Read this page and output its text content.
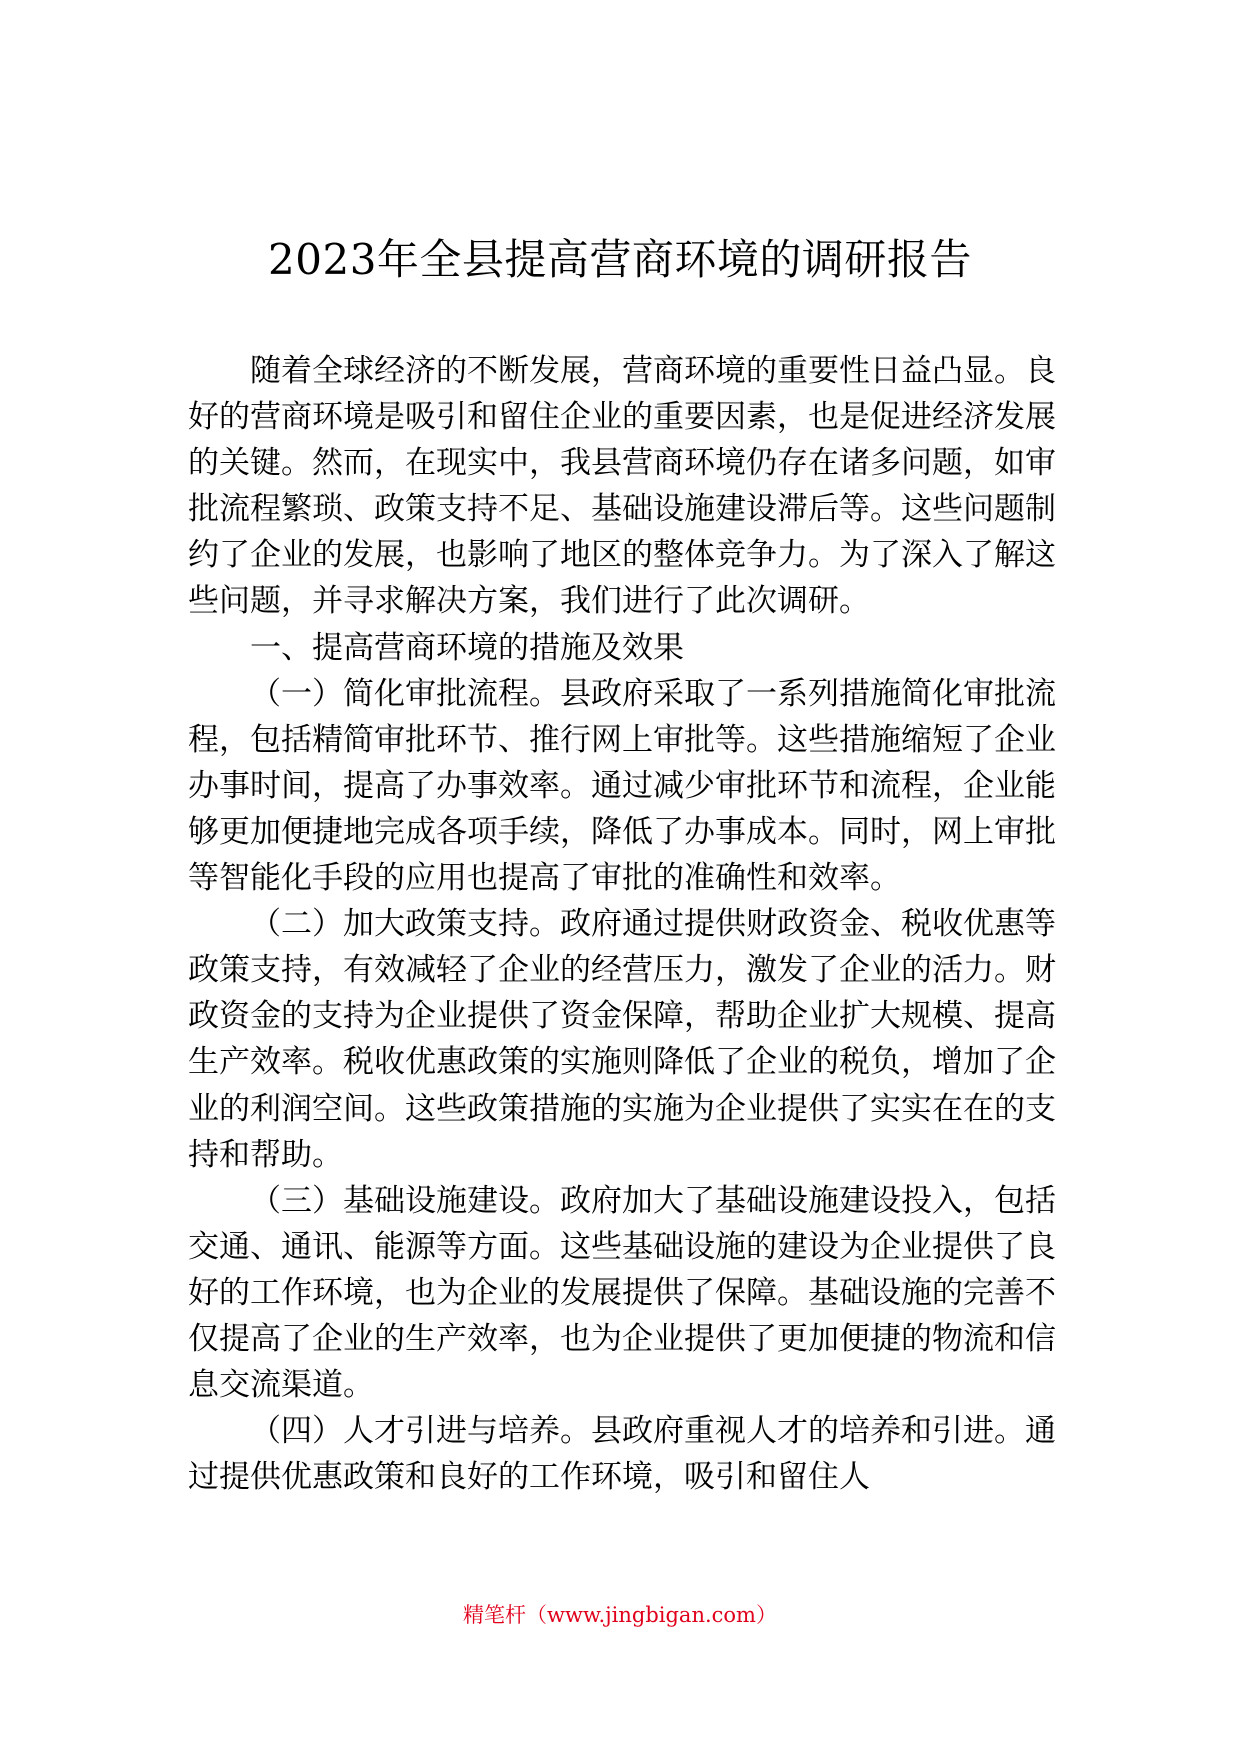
2023年全县提高营商环境的调研报告

随着全球经济的不断发展，营商环境的重要性日益凸显。良好的营商环境是吸引和留住企业的重要因素，也是促进经济发展的关键。然而，在现实中，我县营商环境仍存在诸多问题，如审批流程繁琐、政策支持不足、基础设施建设滞后等。这些问题制约了企业的发展，也影响了地区的整体竞争力。为了深入了解这些问题，并寻求解决方案，我们进行了此次调研。

一、提高营商环境的措施及效果

（一）简化审批流程。县政府采取了一系列措施简化审批流程，包括精简审批环节、推行网上审批等。这些措施缩短了企业办事时间，提高了办事效率。通过减少审批环节和流程，企业能够更加便捷地完成各项手续，降低了办事成本。同时，网上审批等智能化手段的应用也提高了审批的准确性和效率。

（二）加大政策支持。政府通过提供财政资金、税收优惠等政策支持，有效减轻了企业的经营压力，激发了企业的活力。财政资金的支持为企业提供了资金保障，帮助企业扩大规模、提高生产效率。税收优惠政策的实施则降低了企业的税负，增加了企业的利润空间。这些政策措施的实施为企业提供了实实在在的支持和帮助。

（三）基础设施建设。政府加大了基础设施建设投入，包括交通、通讯、能源等方面。这些基础设施的建设为企业提供了良好的工作环境，也为企业的发展提供了保障。基础设施的完善不仅提高了企业的生产效率，也为企业提供了更加便捷的物流和信息交流渠道。

（四）人才引进与培养。县政府重视人才的培养和引进。通过提供优惠政策和良好的工作环境，吸引和留住人

精笔杆（www.jingbigan.com）
